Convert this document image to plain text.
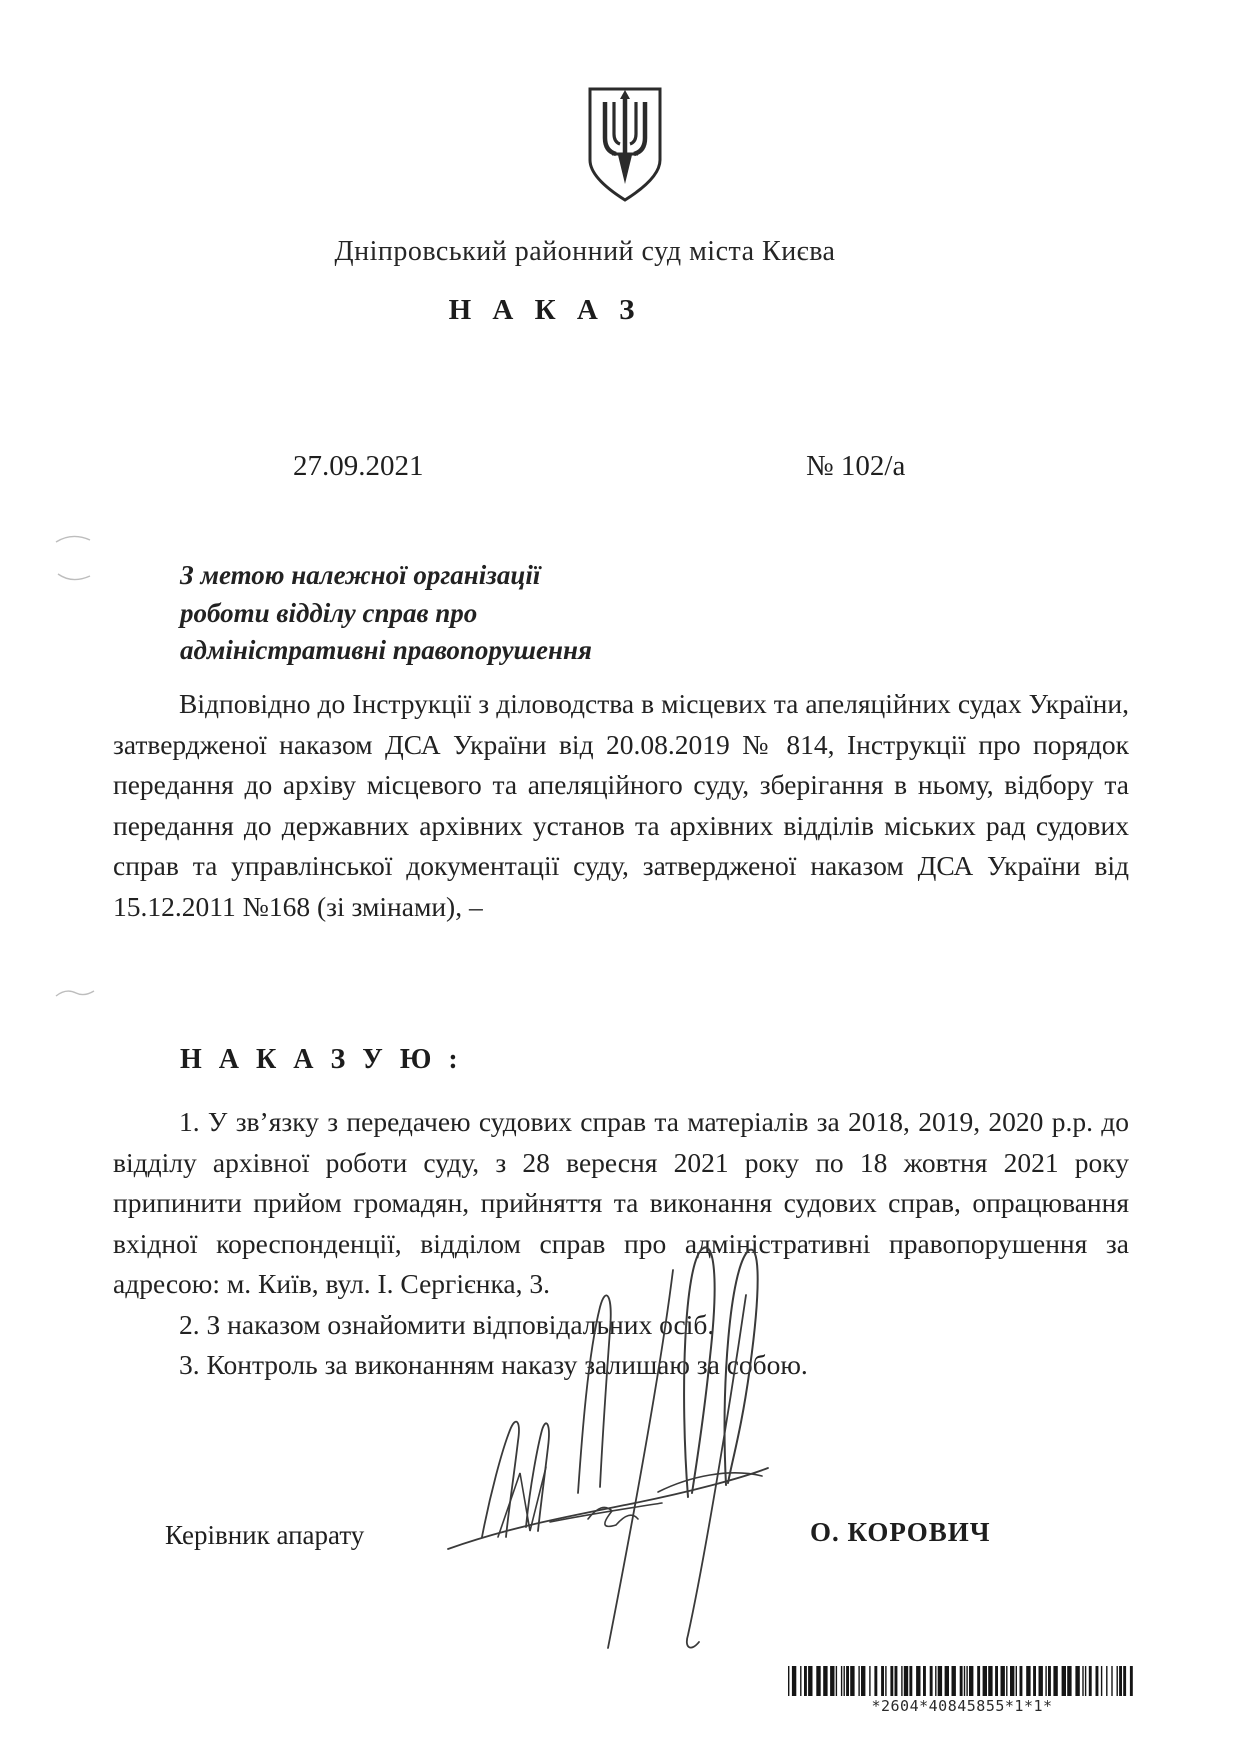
Дніпровський районний суд міста Києва
Н А К А З
27.09.2021	№ 102/а
З метою належної організації
роботи відділу справ про
адміністративні правопорушення
Відповідно до Інструкції з діловодства в місцевих та апеляційних судах України, затвердженої наказом ДСА України від 20.08.2019 № 814, Інструкції про порядок передання до архіву місцевого та апеляційного суду, зберігання в ньому, відбору та передання до державних архівних установ та архівних відділів міських рад судових справ та управлінської документації суду, затвердженої наказом ДСА України від 15.12.2011 №168 (зі змінами), –
Н А К А З У Ю :

1. У зв’язку з передачею судових справ та матеріалів за 2018, 2019, 2020 р.р. до відділу архівної роботи суду, з 28 вересня 2021 року по 18 жовтня 2021 року припинити прийом громадян, прийняття та виконання судових справ, опрацювання вхідної кореспонденції, відділом справ про адміністративні правопорушення за адресою: м. Київ, вул. І. Сергієнка, 3.

2. З наказом ознайомити відповідальних осіб.

3. Контроль за виконанням наказу залишаю за собою.

Керівник апарату	О. КОРОВИЧ
*2604*40845855*1*1*
